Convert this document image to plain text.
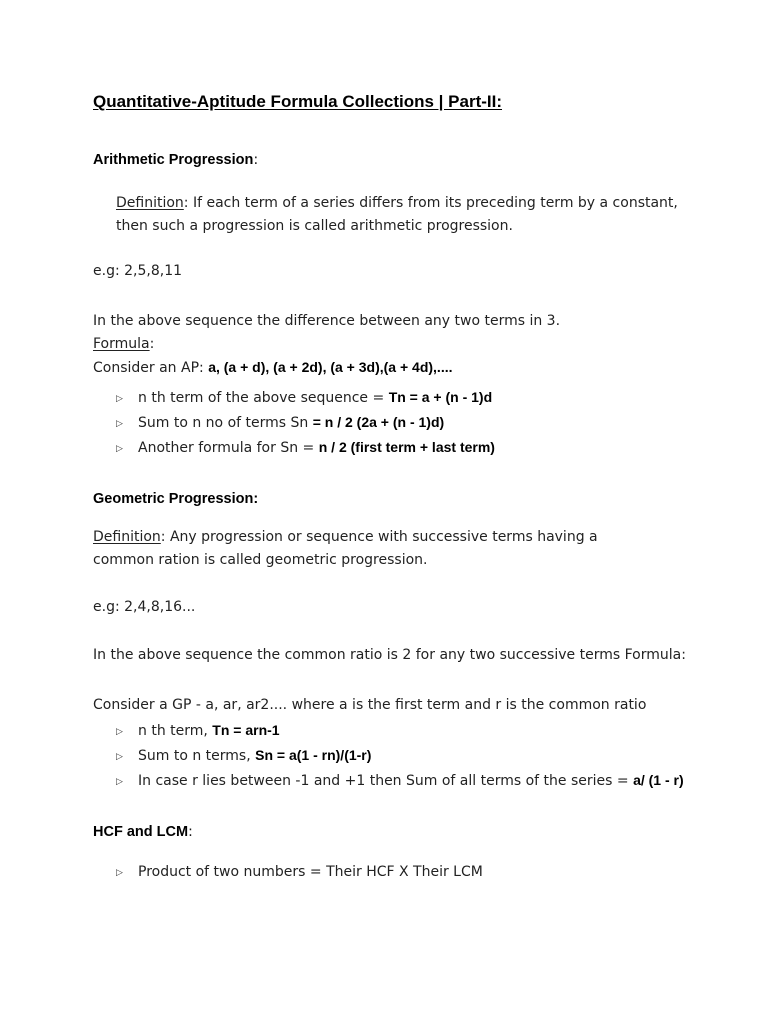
Quantitative-Aptitude Formula Collections | Part-II:
Arithmetic Progression:
Definition: If each term of a series differs from its preceding term by a constant,
then such a progression is called arithmetic progression.
e.g: 2,5,8,11
In the above sequence the difference between any two terms in 3.
Formula:
Consider an AP: a, (a + d), (a + 2d), (a + 3d),(a + 4d),....
▷ n th term of the above sequence = Tn = a + (n - 1)d
▷ Sum to n no of terms Sn = n / 2 (2a + (n - 1)d)
▷ Another formula for Sn = n / 2 (first term + last term)
Geometric Progression:
Definition: Any progression or sequence with successive terms having a
common ration is called geometric progression.
e.g: 2,4,8,16...
In the above sequence the common ratio is 2 for any two successive terms Formula:
Consider a GP - a, ar, ar2.... where a is the first term and r is the common ratio
▷ n th term, Tn = arn-1
▷ Sum to n terms, Sn = a(1 - rn)/(1-r)
▷ In case r lies between -1 and +1 then Sum of all terms of the series = a/ (1 - r)
HCF and LCM:
▷ Product of two numbers = Their HCF X Their LCM
